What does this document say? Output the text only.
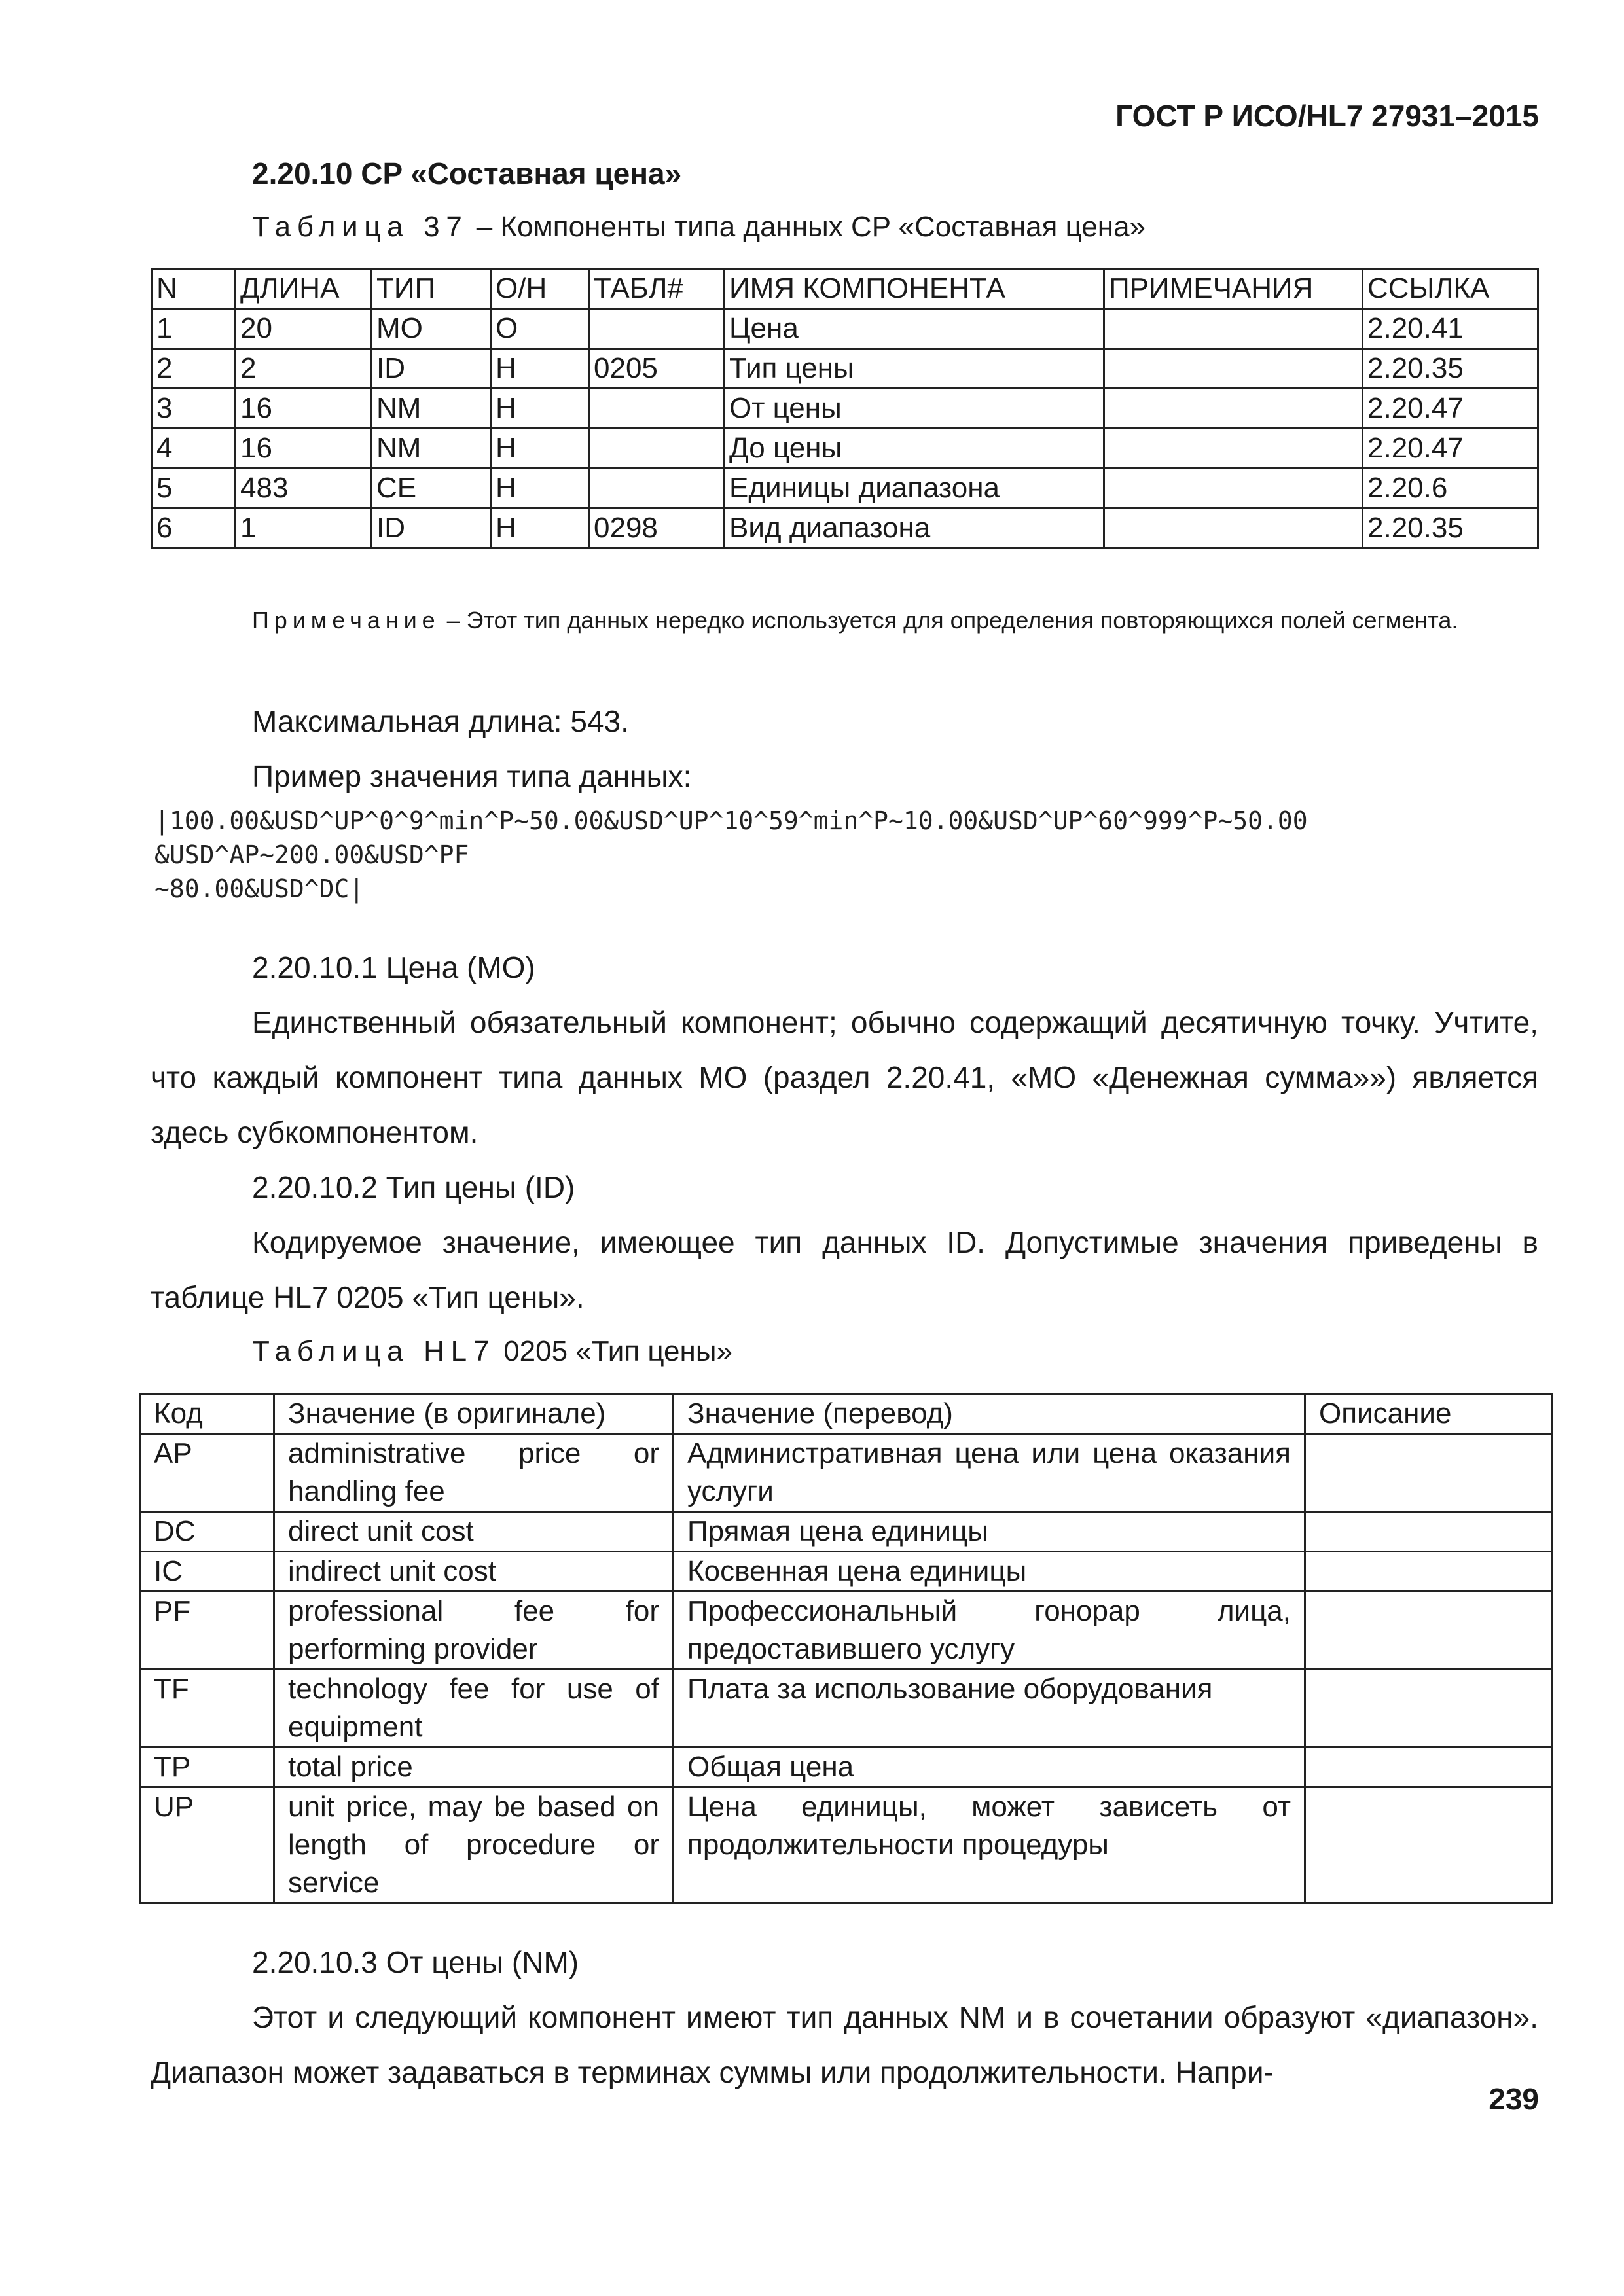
ГОСТ Р ИСО/HL7 27931–2015
2.20.10 CP «Составная цена»
Таблица 37 – Компоненты типа данных CP «Составная цена»
N	ДЛИНА	ТИП	О/Н	ТАБЛ#	ИМЯ КОМПОНЕНТА	ПРИМЕЧАНИЯ	ССЫЛКА
1	20	MO	O		Цена		2.20.41
2	2	ID	H	0205	Тип цены		2.20.35
3	16	NM	H		От цены		2.20.47
4	16	NM	H		До цены		2.20.47
5	483	CE	H		Единицы диапазона		2.20.6
6	1	ID	H	0298	Вид диапазона		2.20.35
Примечание – Этот тип данных нередко используется для определения повторяющихся полей сегмента.
Максимальная длина: 543.
Пример значения типа данных:
|100.00&USD^UP^0^9^min^P~50.00&USD^UP^10^59^min^P~10.00&USD^UP^60^999^P~50.00
&USD^AP~200.00&USD^PF
~80.00&USD^DC|
2.20.10.1 Цена (MO)
Единственный обязательный компонент; обычно содержащий десятичную точку. Учтите, что каждый компонент типа данных MO (раздел 2.20.41, «MO «Денежная сумма»») является здесь субкомпонентом.
2.20.10.2 Тип цены (ID)
Кодируемое значение, имеющее тип данных ID. Допустимые значения приведены в таблице HL7 0205 «Тип цены».
Таблица HL7 0205 «Тип цены»
Код	Значение (в оригинале)	Значение (перевод)	Описание
AP	administrative price or handling fee	Административная цена или цена оказания услуги	
DC	direct unit cost	Прямая цена единицы	
IC	indirect unit cost	Косвенная цена единицы	
PF	professional fee for performing provider	Профессиональный гонорар лица, предоставившего услугу	
TF	technology fee for use of equipment	Плата за использование оборудования	
TP	total price	Общая цена	
UP	unit price, may be based on length of procedure or service	Цена единицы, может зависеть от продолжительности процедуры	
2.20.10.3 От цены (NM)
Этот и следующий компонент имеют тип данных NM и в сочетании образуют «диапазон». Диапазон может задаваться в терминах суммы или продолжительности. Напри-
239
